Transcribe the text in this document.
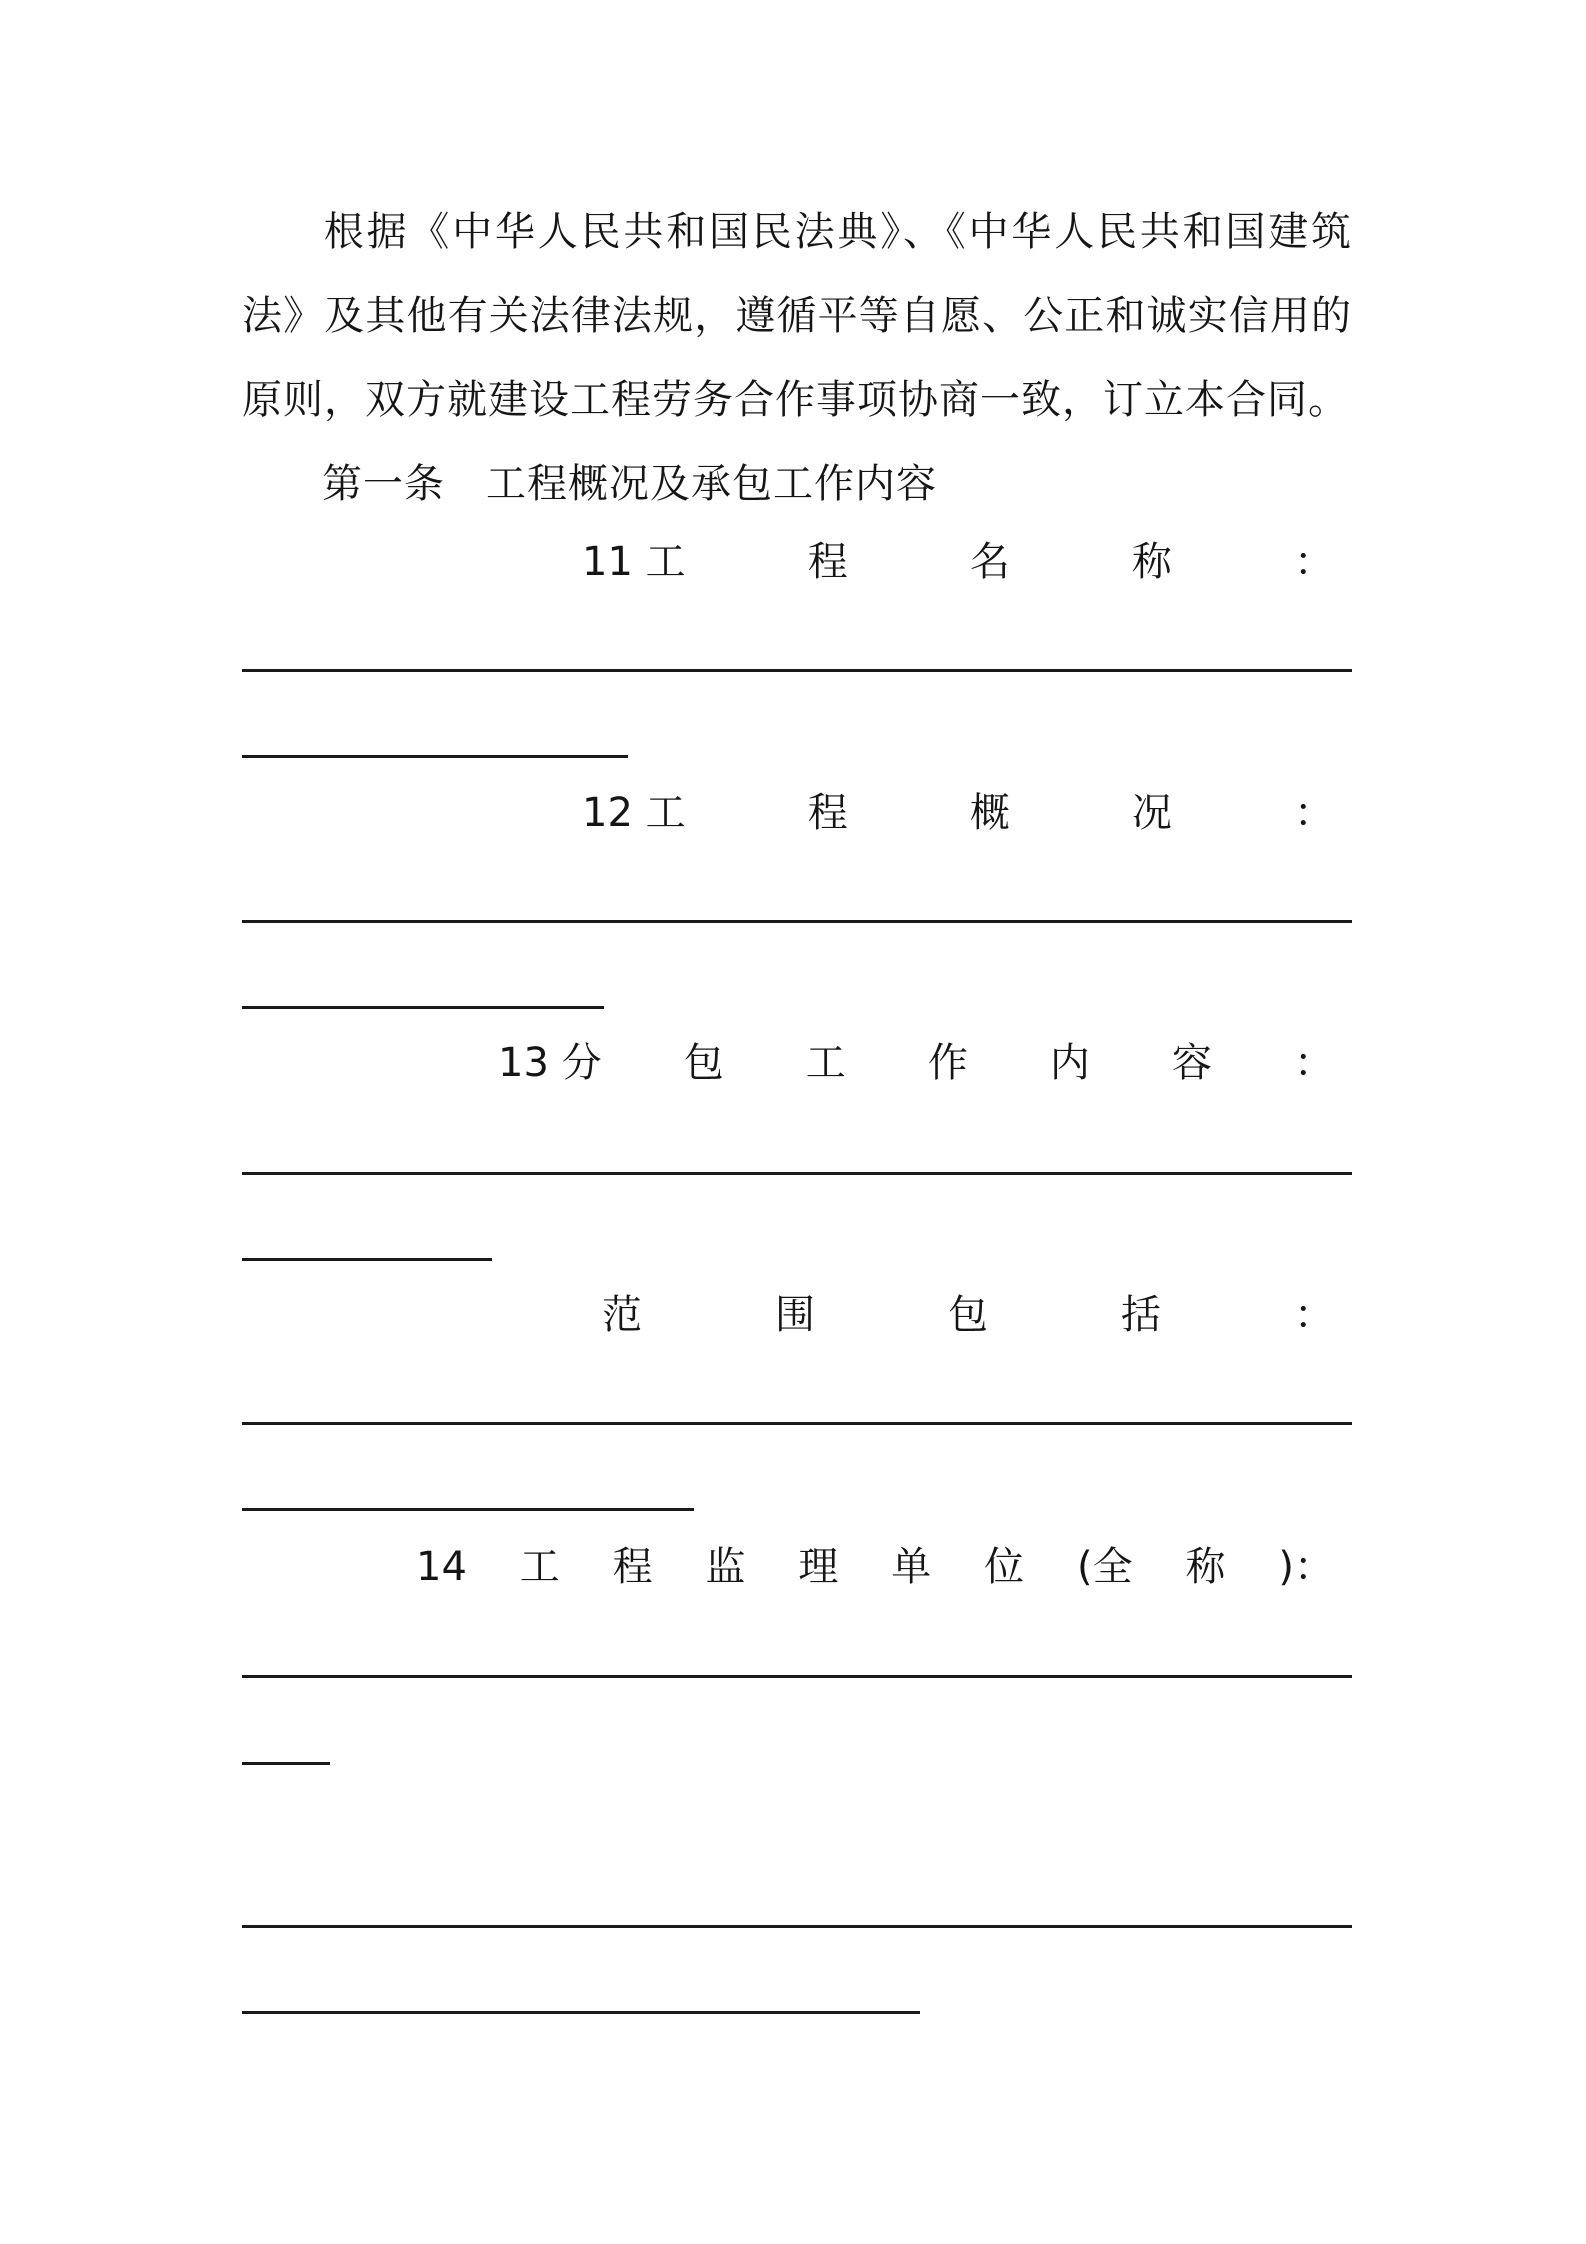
根据《中华人民共和国民法典》、《中华人民共和国建筑法》及其他有关法律法规，遵循平等自愿、公正和诚实信用的原则，双方就建设工程劳务合作事项协商一致，订立本合同。
第一条　工程概况及承包工作内容
11 工	程	名	称	：
12 工	程	概	况	：
13 分 包 工 作 内 容 ：
范	围	包	括	：
14 工 程 监 理 单 位 (全 称 )：
